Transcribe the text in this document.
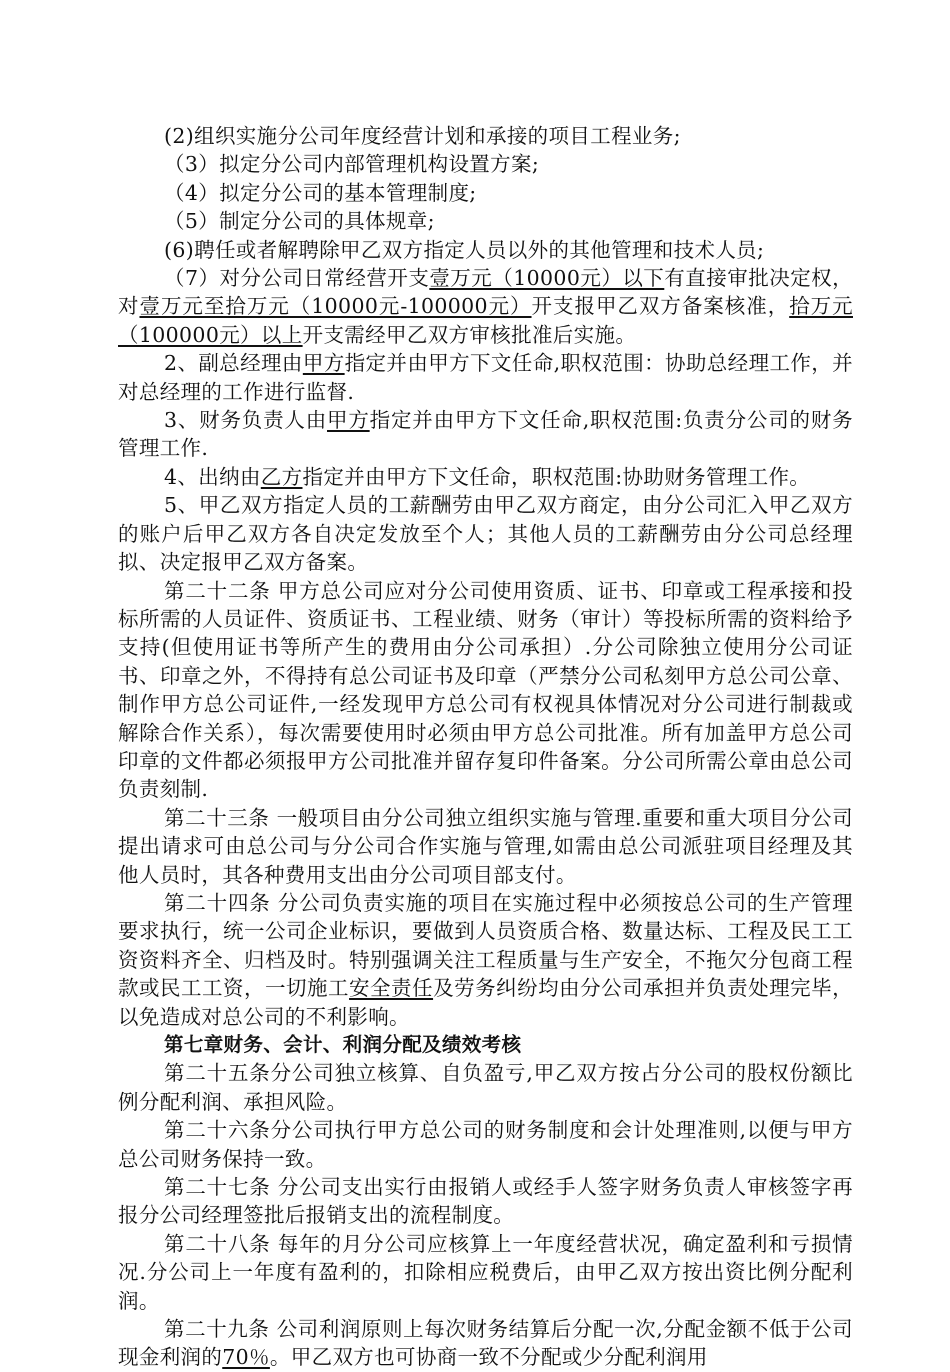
(2)组织实施分公司年度经营计划和承接的项目工程业务;

（3）拟定分公司内部管理机构设置方案;

（4）拟定分公司的基本管理制度;

（5）制定分公司的具体规章;

(6)聘任或者解聘除甲乙双方指定人员以外的其他管理和技术人员;

（7）对分公司日常经营开支壹万元（10000元）以下有直接审批决定权，对壹万元至拾万元（10000元-100000元）开支报甲乙双方备案核准，拾万元（100000元）以上开支需经甲乙双方审核批准后实施。

2、副总经理由甲方指定并由甲方下文任命,职权范围：协助总经理工作，并对总经理的工作进行监督.

3、财务负责人由甲方指定并由甲方下文任命,职权范围:负责分公司的财务管理工作.

4、出纳由乙方指定并由甲方下文任命，职权范围:协助财务管理工作。

5、甲乙双方指定人员的工薪酬劳由甲乙双方商定，由分公司汇入甲乙双方的账户后甲乙双方各自决定发放至个人；其他人员的工薪酬劳由分公司总经理拟、决定报甲乙双方备案。

第二十二条 甲方总公司应对分公司使用资质、证书、印章或工程承接和投标所需的人员证件、资质证书、工程业绩、财务（审计）等投标所需的资料给予支持(但使用证书等所产生的费用由分公司承担）.分公司除独立使用分公司证书、印章之外，不得持有总公司证书及印章（严禁分公司私刻甲方总公司公章、制作甲方总公司证件,一经发现甲方总公司有权视具体情况对分公司进行制裁或解除合作关系），每次需要使用时必须由甲方总公司批准。所有加盖甲方总公司印章的文件都必须报甲方公司批准并留存复印件备案。分公司所需公章由总公司负责刻制.

第二十三条 一般项目由分公司独立组织实施与管理.重要和重大项目分公司提出请求可由总公司与分公司合作实施与管理,如需由总公司派驻项目经理及其他人员时，其各种费用支出由分公司项目部支付。

第二十四条 分公司负责实施的项目在实施过程中必须按总公司的生产管理要求执行，统一公司企业标识，要做到人员资质合格、数量达标、工程及民工工资资料齐全、归档及时。特别强调关注工程质量与生产安全，不拖欠分包商工程款或民工工资，一切施工安全责任及劳务纠纷均由分公司承担并负责处理完毕，以免造成对总公司的不利影响。

第七章财务、会计、利润分配及绩效考核

第二十五条分公司独立核算、自负盈亏,甲乙双方按占分公司的股权份额比例分配利润、承担风险。

第二十六条分公司执行甲方总公司的财务制度和会计处理准则,以便与甲方总公司财务保持一致。

第二十七条 分公司支出实行由报销人或经手人签字财务负责人审核签字再报分公司经理签批后报销支出的流程制度。

第二十八条 每年的月分公司应核算上一年度经营状况，确定盈利和亏损情况.分公司上一年度有盈利的，扣除相应税费后，由甲乙双方按出资比例分配利润。

第二十九条 公司利润原则上每次财务结算后分配一次,分配金额不低于公司现金利润的70％。甲乙双方也可协商一致不分配或少分配利润用
